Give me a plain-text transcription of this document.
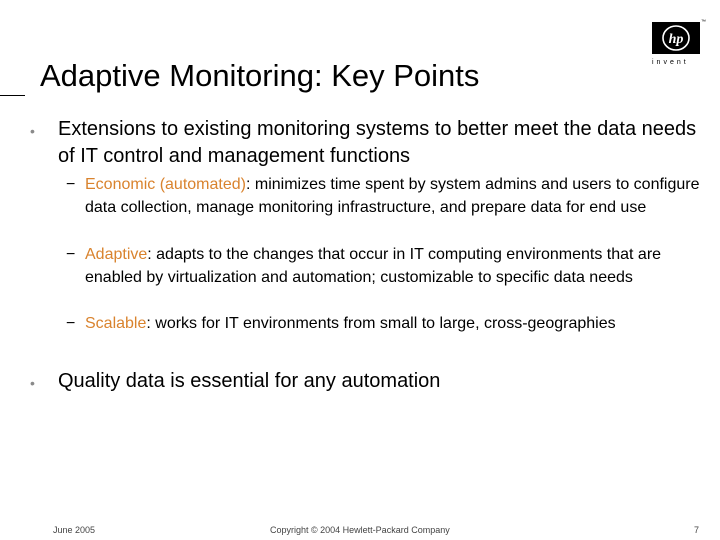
Adaptive Monitoring: Key Points
hp
™
invent
• Extensions to existing monitoring systems to better meet the data needs of IT control and management functions
− Economic (automated): minimizes time spent by system admins and users to configure data collection, manage monitoring infrastructure, and prepare data for end use
− Adaptive: adapts to the changes that occur in IT computing environments that are enabled by virtualization and automation; customizable to specific data needs
− Scalable: works for IT environments from small to large, cross-geographies
• Quality data is essential for any automation
June 2005	Copyright © 2004 Hewlett-Packard Company	7
